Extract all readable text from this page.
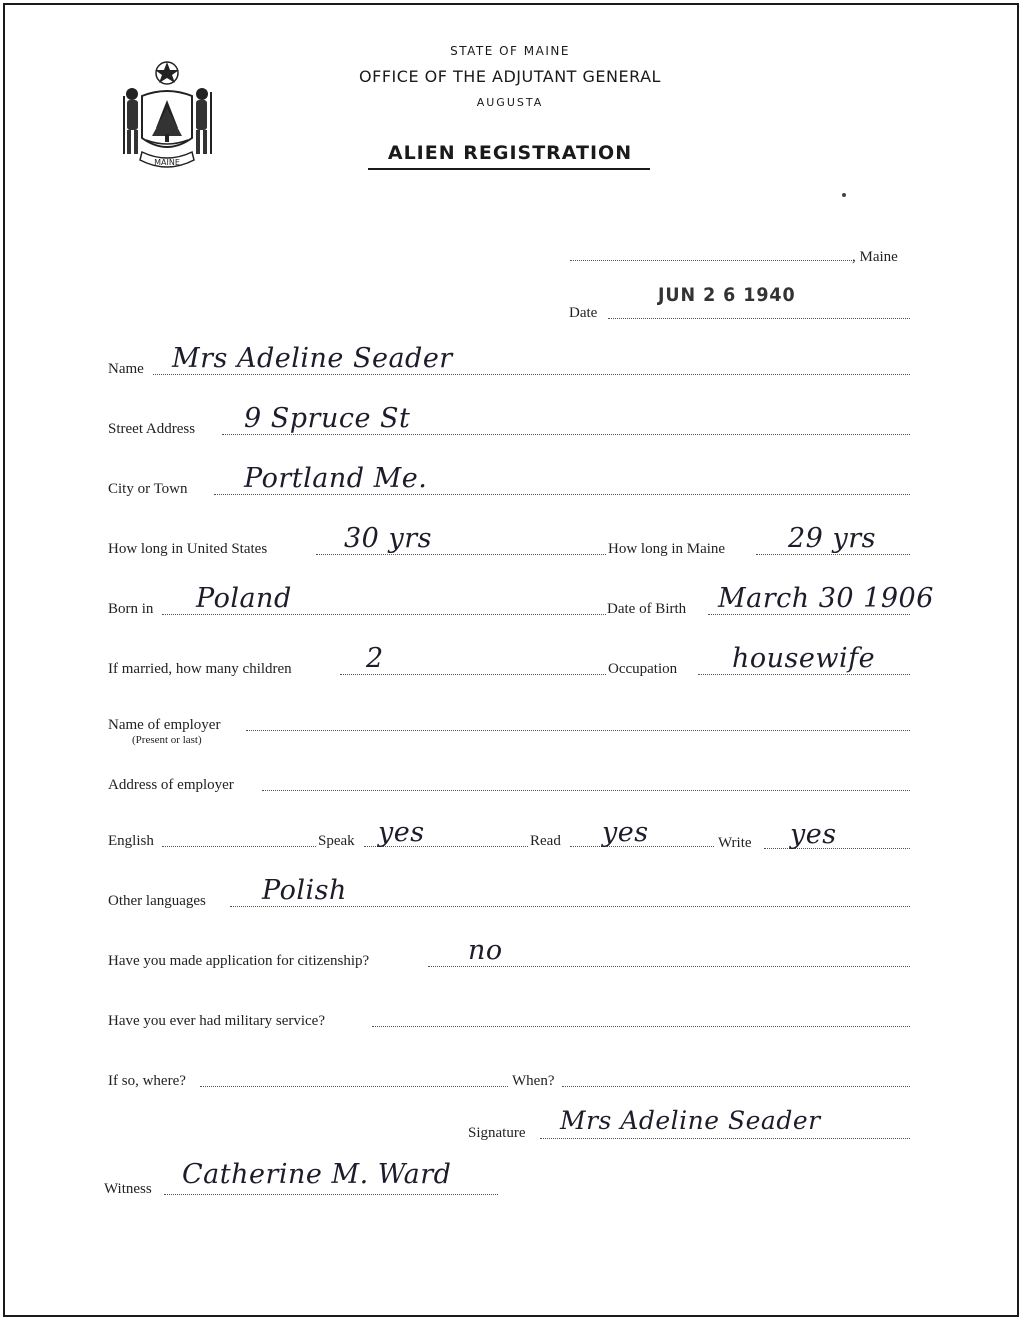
MAINE
STATE OF MAINE
OFFICE OF THE ADJUTANT GENERAL
AUGUSTA
ALIEN REGISTRATION
, Maine
JUN 2 6 1940
Date
Name Mrs Adeline Seader
Street Address 9 Spruce St
City or Town Portland Me.
How long in United States	30 yrs	How long in Maine 29 yrs
Born in Poland	Date of Birth March 30 1906
If married, how many children	2	Occupation housewife
Name of employer
(Present or last)
Address of employer
English	Speak yes	Read yes	Write yes
Other languages Polish
Have you made application for citizenship?	no
Have you ever had military service?
If so, where?	When?
Signature Mrs Adeline Seader
Witness Catherine M. Ward
